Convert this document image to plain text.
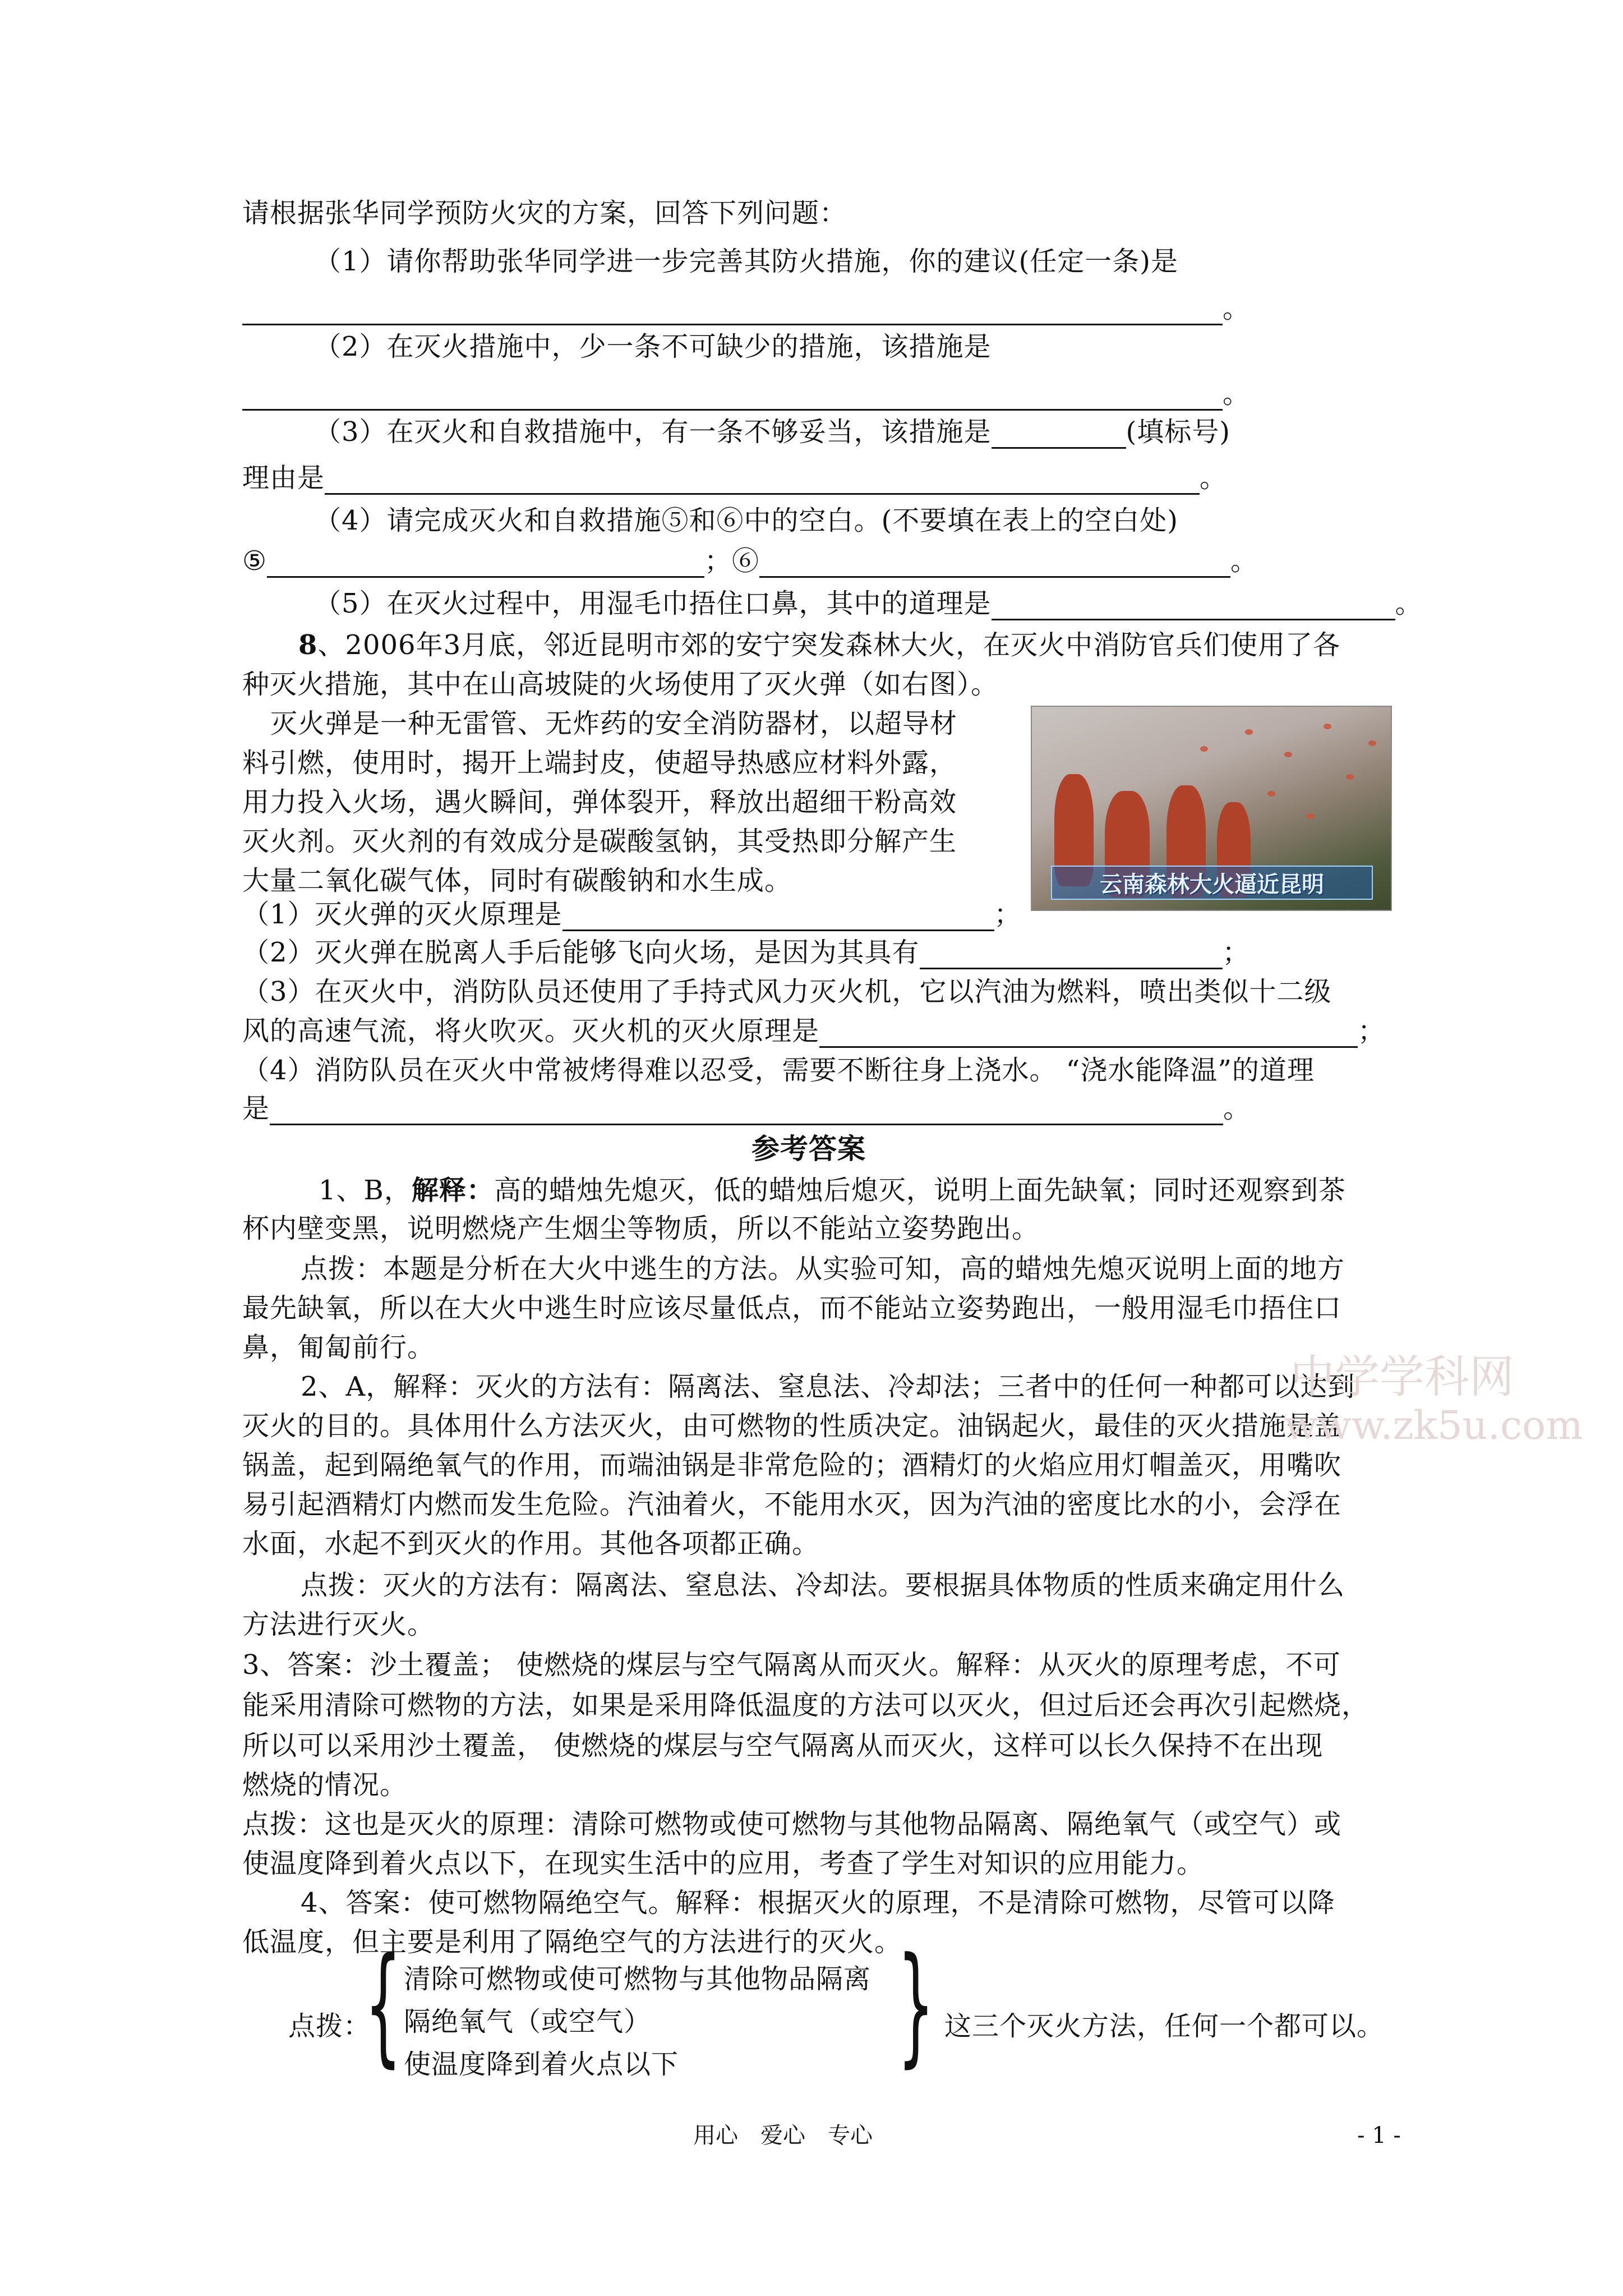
请根据张华同学预防火灾的方案，回答下列问题：
（1）请你帮助张华同学进一步完善其防火措施，你的建议(任定一条)是
。
（2）在灭火措施中，少一条不可缺少的措施，该措施是
。
（3）在灭火和自救措施中，有一条不够妥当，该措施是	(填标号)
理由是	。
（4）请完成灭火和自救措施⑤和⑥中的空白。(不要填在表上的空白处)
⑤	；⑥	。
（5）在灭火过程中，用湿毛巾捂住口鼻，其中的道理是	。
8、2006年3月底，邻近昆明市郊的安宁突发森林大火，在灭火中消防官兵们使用了各
种灭火措施，其中在山高坡陡的火场使用了灭火弹（如右图）。
灭火弹是一种无雷管、无炸药的安全消防器材，以超导材
料引燃，使用时，揭开上端封皮，使超导热感应材料外露，
用力投入火场，遇火瞬间，弹体裂开，释放出超细干粉高效
灭火剂。灭火剂的有效成分是碳酸氢钠，其受热即分解产生
大量二氧化碳气体，同时有碳酸钠和水生成。	云南森林大火逼近昆明
（1）灭火弹的灭火原理是	；
（2）灭火弹在脱离人手后能够飞向火场，是因为其具有	；
（3）在灭火中，消防队员还使用了手持式风力灭火机，它以汽油为燃料，喷出类似十二级
风的高速气流，将火吹灭。灭火机的灭火原理是	；
（4）消防队员在灭火中常被烤得难以忍受，需要不断往身上浇水。 “浇水能降温”的道理
是	。
参考答案
1、B，解释：高的蜡烛先熄灭，低的蜡烛后熄灭，说明上面先缺氧；同时还观察到茶
杯内壁变黑，说明燃烧产生烟尘等物质，所以不能站立姿势跑出。
点拨：本题是分析在大火中逃生的方法。从实验可知，高的蜡烛先熄灭说明上面的地方
最先缺氧，所以在大火中逃生时应该尽量低点，而不能站立姿势跑出，一般用湿毛巾捂住口
鼻，匍匐前行。
2、A，解释：灭火的方法有：隔离法、窒息法、冷却法；三者中的任何一种都可以达到
灭火的目的。具体用什么方法灭火，由可燃物的性质决定。油锅起火，最佳的灭火措施是盖
锅盖，起到隔绝氧气的作用，而端油锅是非常危险的；酒精灯的火焰应用灯帽盖灭，用嘴吹
易引起酒精灯内燃而发生危险。汽油着火，不能用水灭，因为汽油的密度比水的小，会浮在
水面，水起不到灭火的作用。其他各项都正确。
点拨：灭火的方法有：隔离法、窒息法、冷却法。要根据具体物质的性质来确定用什么
方法进行灭火。
3、答案：沙土覆盖； 使燃烧的煤层与空气隔离从而灭火。解释：从灭火的原理考虑，不可
能采用清除可燃物的方法，如果是采用降低温度的方法可以灭火，但过后还会再次引起燃烧，
所以可以采用沙土覆盖， 使燃烧的煤层与空气隔离从而灭火，这样可以长久保持不在出现
燃烧的情况。
点拨：这也是灭火的原理：清除可燃物或使可燃物与其他物品隔离、隔绝氧气（或空气）或
使温度降到着火点以下，在现实生活中的应用，考查了学生对知识的应用能力。
4、答案：使可燃物隔绝空气。解释：根据灭火的原理，不是清除可燃物，尽管可以降
低温度，但主要是利用了隔绝空气的方法进行的灭火。
点拨：
{ 清除可燃物或使可燃物与其他物品隔离
隔绝氧气（或空气）
使温度降到着火点以下 } 这三个灭火方法，任何一个都可以。
中学学科网
www.zk5u.com
用心　爱心　专心	- 1 -
